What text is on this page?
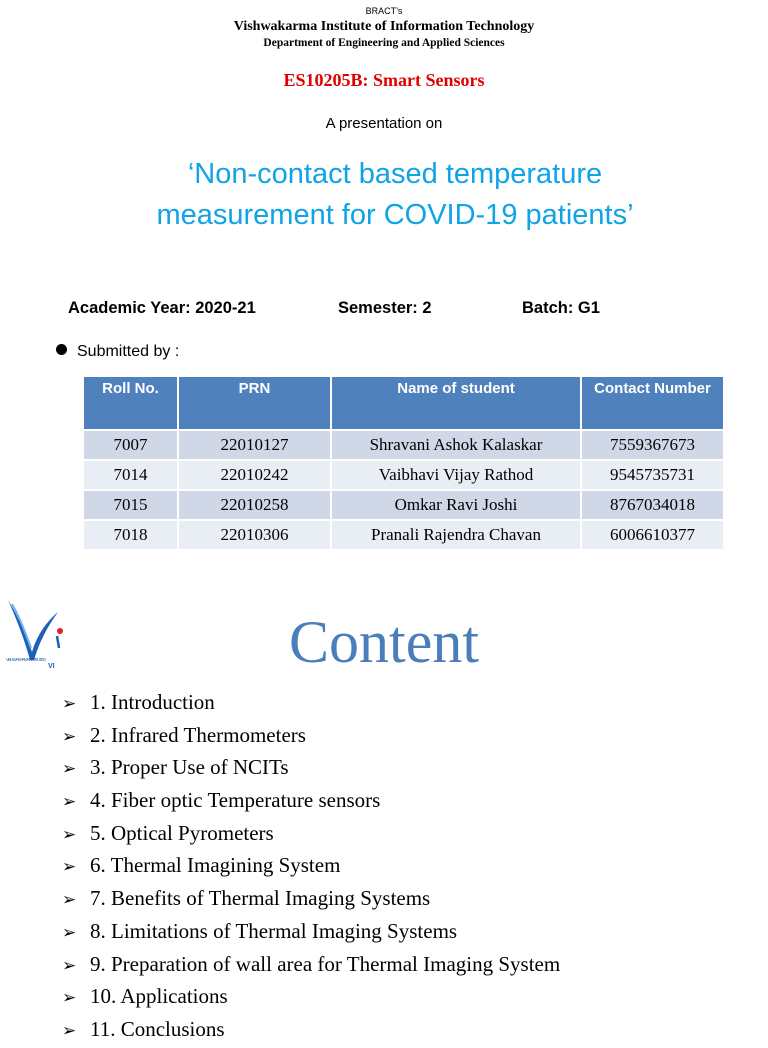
BRACT’s
Vishwakarma Institute of Information Technology
Department of Engineering and Applied Sciences
ES10205B: Smart Sensors
A presentation on
‘Non-contact based temperature measurement for COVID-19 patients’
Academic Year: 2020-21	Semester: 2	Batch: G1
Submitted by :
Roll No.	PRN	Name of student	Contact Number
7007	22010127	Shravani Ashok Kalaskar	7559367673
7014	22010242	Vaibhavi Vijay Rathod	9545735731
7015	22010258	Omkar Ravi Joshi	8767034018
7018	22010306	Pranali Rajendra Chavan	6006610377
VISHWAKARMA INSTITUTES
VI	Content
➢ 1. Introduction
➢ 2. Infrared Thermometers
➢ 3. Proper Use of NCITs
➢ 4. Fiber optic Temperature sensors
➢ 5. Optical Pyrometers
➢ 6. Thermal Imagining System
➢ 7. Benefits of Thermal Imaging Systems
➢ 8. Limitations of Thermal Imaging Systems
➢ 9. Preparation of wall area for Thermal Imaging System
➢ 10. Applications
➢ 11. Conclusions
